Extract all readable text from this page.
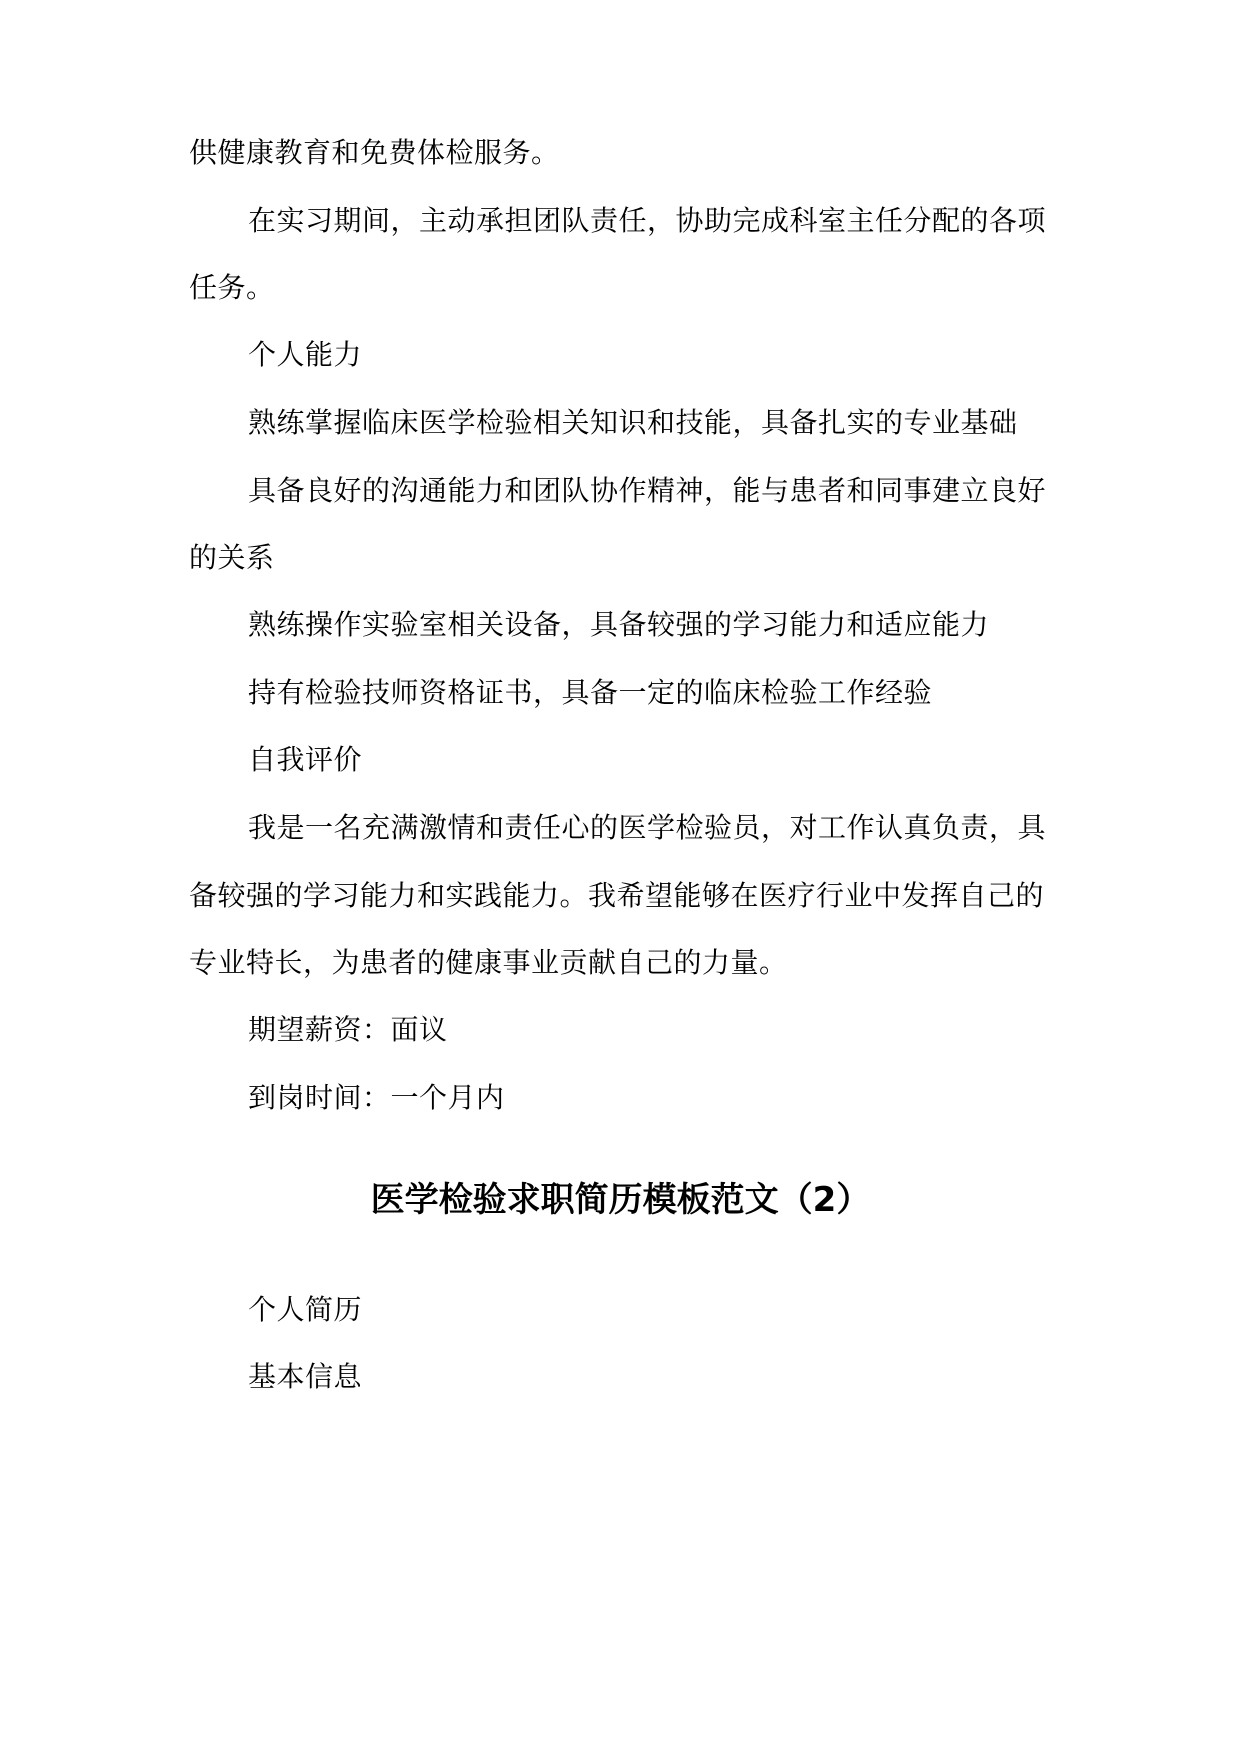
供健康教育和免费体检服务。
在实习期间，主动承担团队责任，协助完成科室主任分配的各项
任务。
个人能力
熟练掌握临床医学检验相关知识和技能，具备扎实的专业基础
具备良好的沟通能力和团队协作精神，能与患者和同事建立良好
的关系
熟练操作实验室相关设备，具备较强的学习能力和适应能力
持有检验技师资格证书，具备一定的临床检验工作经验
自我评价
我是一名充满激情和责任心的医学检验员，对工作认真负责，具
备较强的学习能力和实践能力。我希望能够在医疗行业中发挥自己的
专业特长，为患者的健康事业贡献自己的力量。
期望薪资：面议
到岗时间：一个月内
医学检验求职简历模板范文（2）
个人简历
基本信息
